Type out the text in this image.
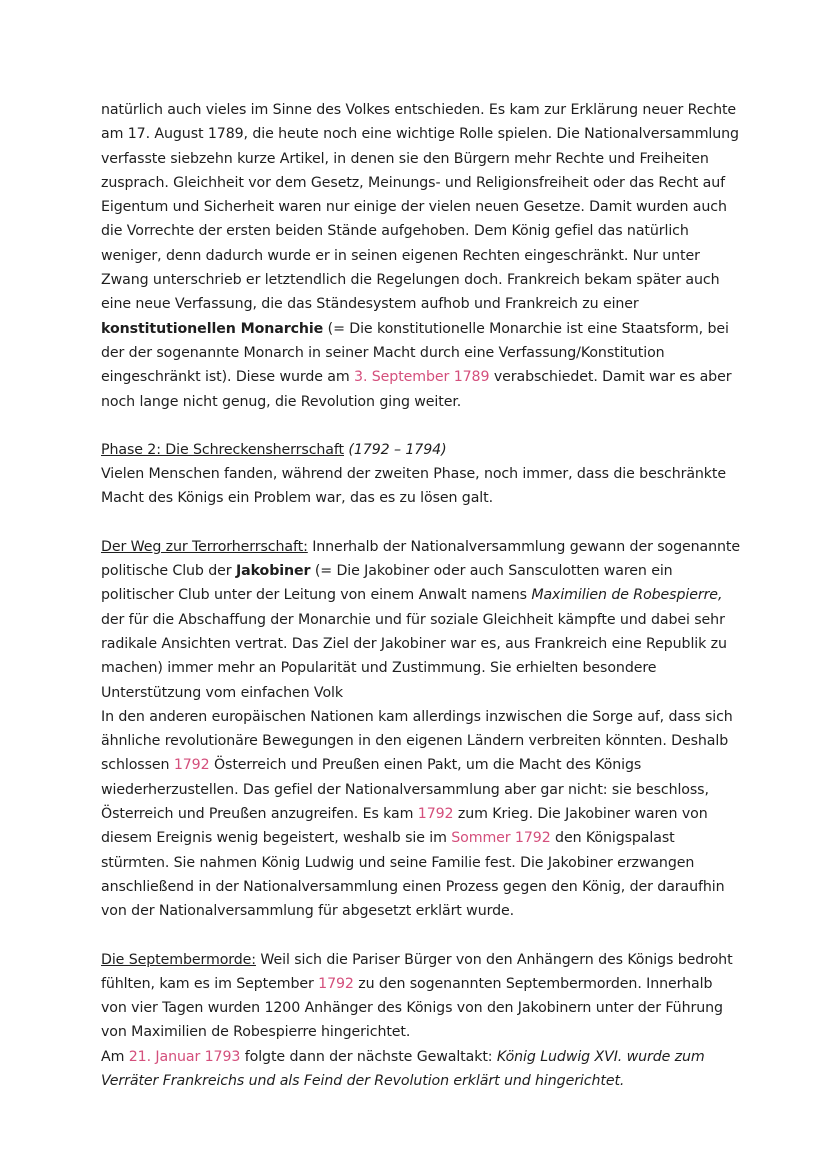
natürlich auch vieles im Sinne des Volkes entschieden. Es kam zur Erklärung neuer Rechte am 17. August 1789, die heute noch eine wichtige Rolle spielen. Die Nationalversammlung verfasste siebzehn kurze Artikel, in denen sie den Bürgern mehr Rechte und Freiheiten zusprach. Gleichheit vor dem Gesetz, Meinungs- und Religionsfreiheit oder das Recht auf Eigentum und Sicherheit waren nur einige der vielen neuen Gesetze. Damit wurden auch die Vorrechte der ersten beiden Stände aufgehoben. Dem König gefiel das natürlich weniger, denn dadurch wurde er in seinen eigenen Rechten eingeschränkt. Nur unter Zwang unterschrieb er letztendlich die Regelungen doch. Frankreich bekam später auch eine neue Verfassung, die das Ständesystem aufhob und Frankreich zu einer konstitutionellen Monarchie (= Die konstitutionelle Monarchie ist eine Staatsform, bei der der sogenannte Monarch in seiner Macht durch eine Verfassung/Konstitution eingeschränkt ist). Diese wurde am 3. September 1789 verabschiedet. Damit war es aber noch lange nicht genug, die Revolution ging weiter.

Phase 2: Die Schreckensherrschaft (1792 – 1794)
Vielen Menschen fanden, während der zweiten Phase, noch immer, dass die beschränkte Macht des Königs ein Problem war, das es zu lösen galt.

Der Weg zur Terrorherrschaft: Innerhalb der Nationalversammlung gewann der sogenannte politische Club der Jakobiner (= Die Jakobiner oder auch Sansculotten waren ein politischer Club unter der Leitung von einem Anwalt namens Maximilien de Robespierre, der für die Abschaffung der Monarchie und für soziale Gleichheit kämpfte und dabei sehr radikale Ansichten vertrat. Das Ziel der Jakobiner war es, aus Frankreich eine Republik zu machen) immer mehr an Popularität und Zustimmung. Sie erhielten besondere Unterstützung vom einfachen Volk

In den anderen europäischen Nationen kam allerdings inzwischen die Sorge auf, dass sich ähnliche revolutionäre Bewegungen in den eigenen Ländern verbreiten könnten. Deshalb schlossen 1792 Österreich und Preußen einen Pakt, um die Macht des Königs wiederherzustellen. Das gefiel der Nationalversammlung aber gar nicht: sie beschloss, Österreich und Preußen anzugreifen. Es kam 1792 zum Krieg. Die Jakobiner waren von diesem Ereignis wenig begeistert, weshalb sie im Sommer 1792 den Königspalast stürmten. Sie nahmen König Ludwig und seine Familie fest. Die Jakobiner erzwangen anschließend in der Nationalversammlung einen Prozess gegen den König, der daraufhin von der Nationalversammlung für abgesetzt erklärt wurde.

Die Septembermorde: Weil sich die Pariser Bürger von den Anhängern des Königs bedroht fühlten, kam es im September 1792 zu den sogenannten Septembermorden. Innerhalb von vier Tagen wurden 1200 Anhänger des Königs von den Jakobinern unter der Führung von Maximilien de Robespierre hingerichtet.

Am 21. Januar 1793 folgte dann der nächste Gewaltakt: König Ludwig XVI. wurde zum Verräter Frankreichs und als Feind der Revolution erklärt und hingerichtet.
